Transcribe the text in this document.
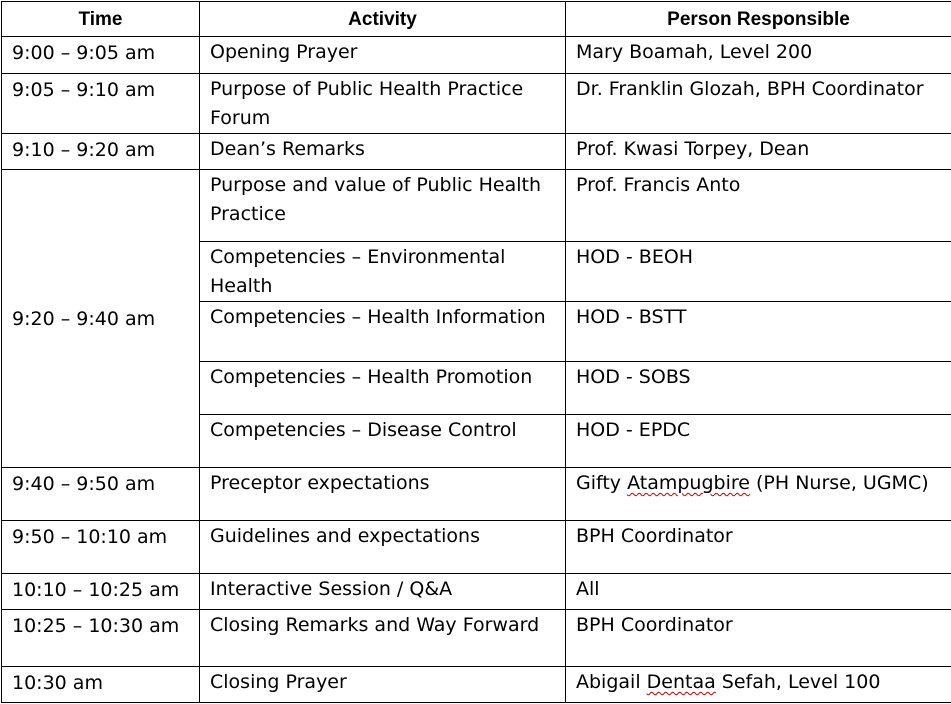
Time	Activity	Person Responsible
9:00 – 9:05 am	Opening Prayer	Mary Boamah, Level 200
9:05 – 9:10 am	Purpose of Public Health Practice Forum	Dr. Franklin Glozah, BPH Coordinator
9:10 – 9:20 am	Dean’s Remarks	Prof. Kwasi Torpey, Dean
9:20 – 9:40 am	Purpose and value of Public Health Practice	Prof. Francis Anto
	Competencies – Environmental Health	HOD - BEOH
	Competencies – Health Information	HOD - BSTT
	Competencies – Health Promotion	HOD - SOBS
	Competencies – Disease Control	HOD - EPDC
9:40 – 9:50 am	Preceptor expectations	Gifty Atampugbire (PH Nurse, UGMC)
9:50 – 10:10 am	Guidelines and expectations	BPH Coordinator
10:10 – 10:25 am	Interactive Session / Q&A	All
10:25 – 10:30 am	Closing Remarks and Way Forward	BPH Coordinator
10:30 am	Closing Prayer	Abigail Dentaa Sefah, Level 100
